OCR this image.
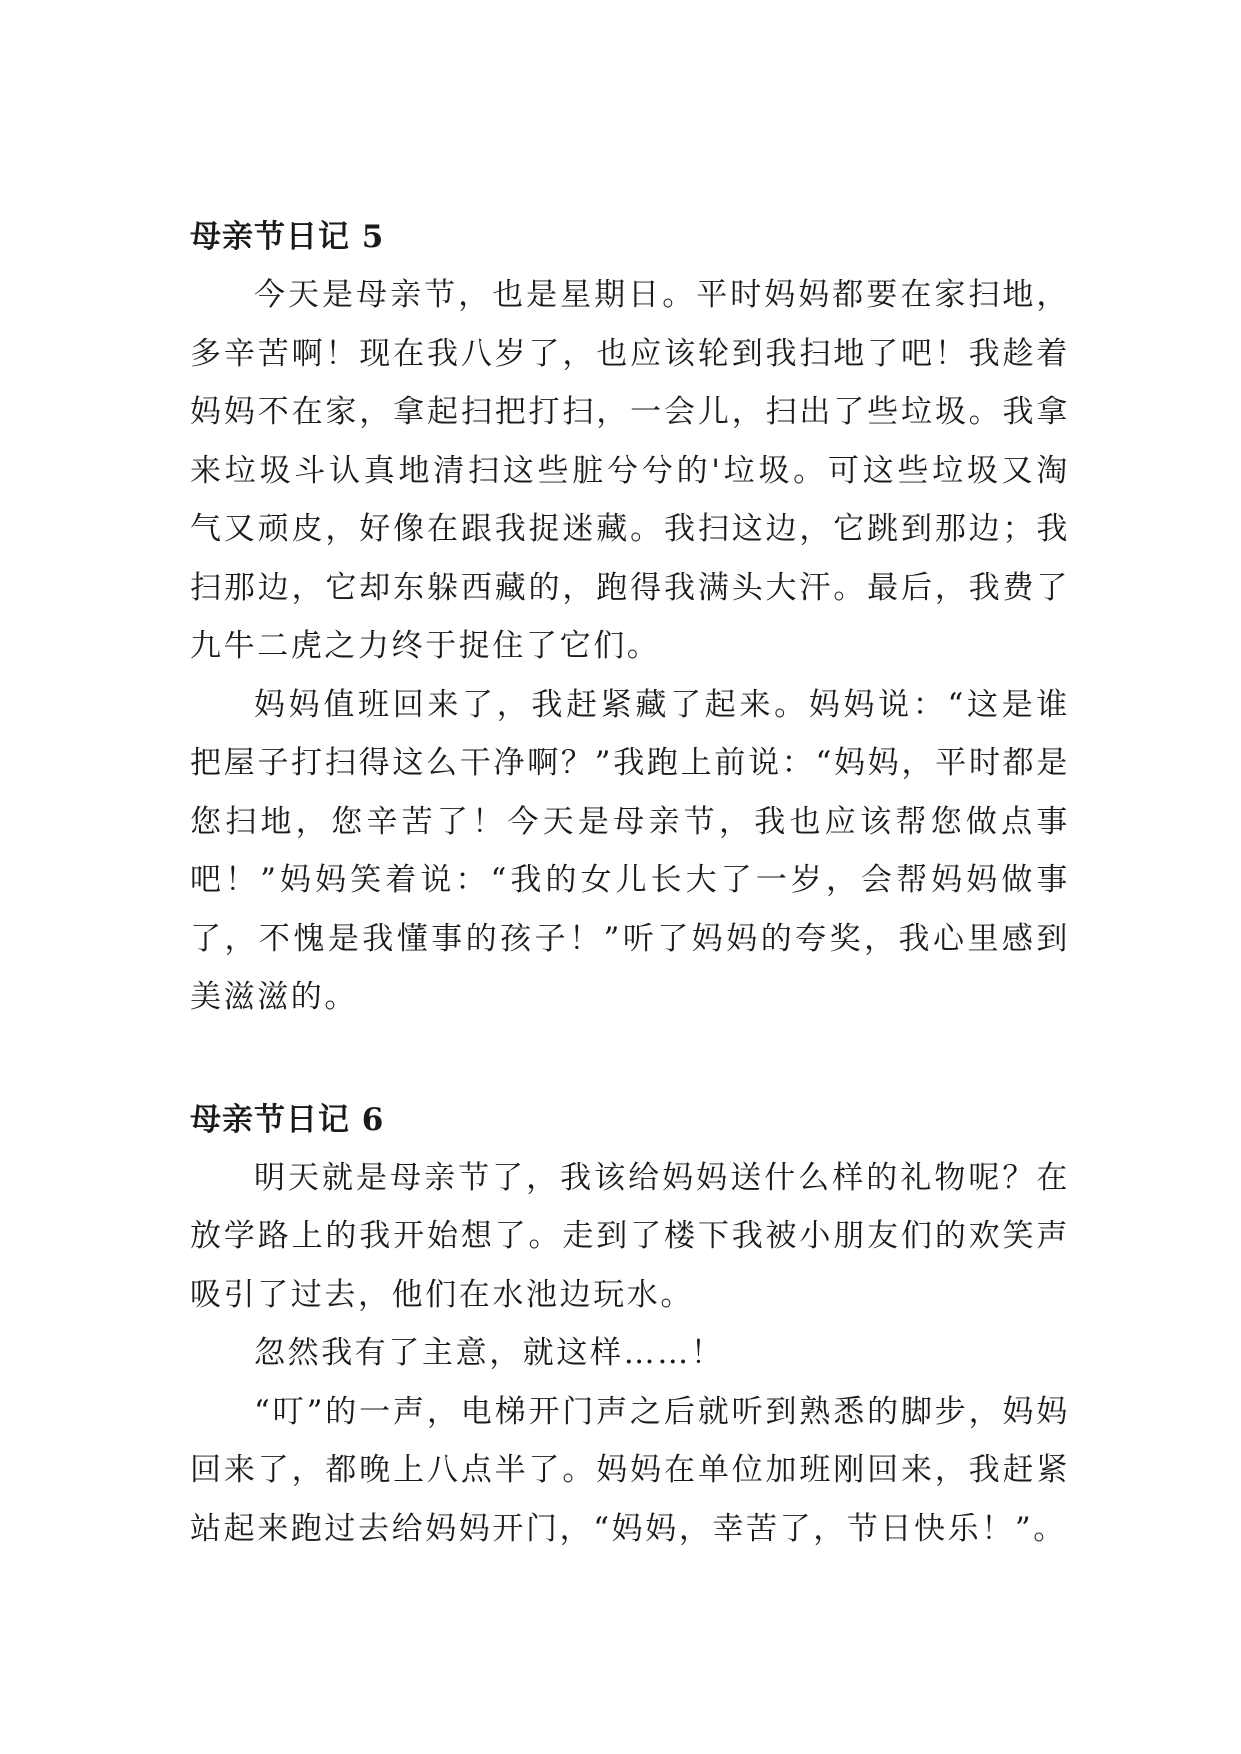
母亲节日记 5

今天是母亲节，也是星期日。平时妈妈都要在家扫地，多辛苦啊！现在我八岁了，也应该轮到我扫地了吧！我趁着妈妈不在家，拿起扫把打扫，一会儿，扫出了些垃圾。我拿来垃圾斗认真地清扫这些脏兮兮的'垃圾。可这些垃圾又淘气又顽皮，好像在跟我捉迷藏。我扫这边，它跳到那边；我扫那边，它却东躲西藏的，跑得我满头大汗。最后，我费了九牛二虎之力终于捉住了它们。

妈妈值班回来了，我赶紧藏了起来。妈妈说：“这是谁把屋子打扫得这么干净啊？”我跑上前说：“妈妈，平时都是您扫地，您辛苦了！今天是母亲节，我也应该帮您做点事吧！”妈妈笑着说：“我的女儿长大了一岁，会帮妈妈做事了，不愧是我懂事的孩子！”听了妈妈的夸奖，我心里感到美滋滋的。

母亲节日记 6

明天就是母亲节了，我该给妈妈送什么样的礼物呢？在放学路上的我开始想了。走到了楼下我被小朋友们的欢笑声吸引了过去，他们在水池边玩水。

忽然我有了主意，就这样……！

“叮”的一声，电梯开门声之后就听到熟悉的脚步，妈妈回来了，都晚上八点半了。妈妈在单位加班刚回来，我赶紧站起来跑过去给妈妈开门，“妈妈，幸苦了，节日快乐！”。
